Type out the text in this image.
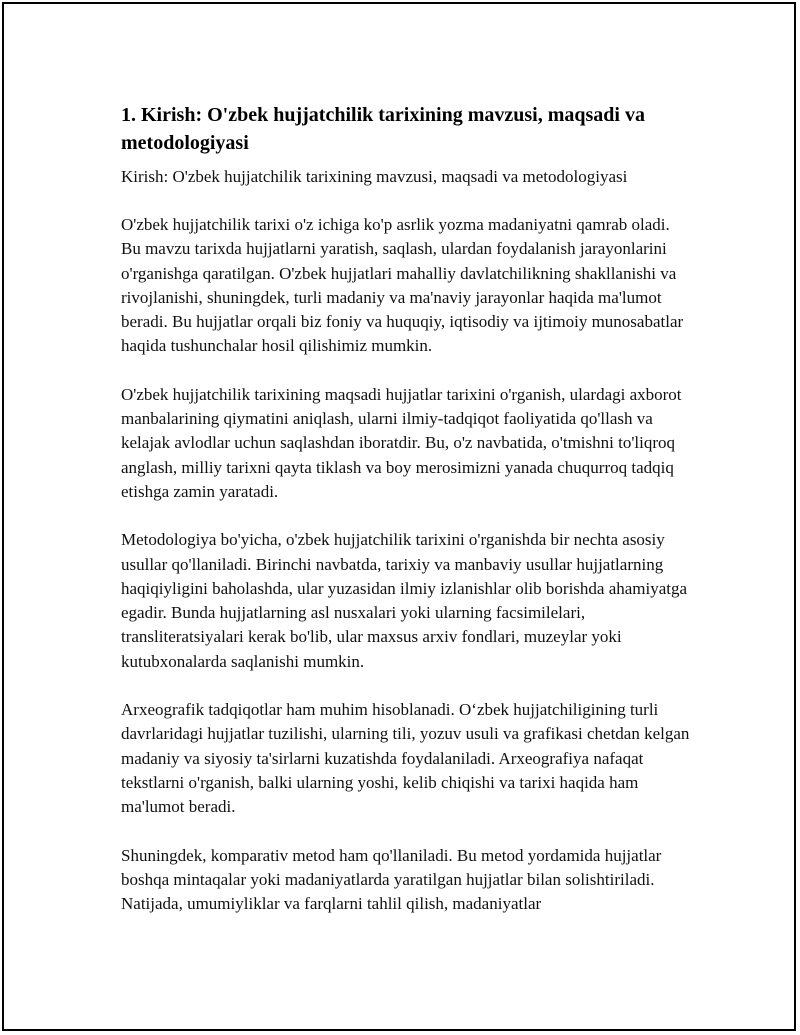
1. Kirish: O'zbek hujjatchilik tarixining mavzusi, maqsadi va metodologiyasi

Kirish: O'zbek hujjatchilik tarixining mavzusi, maqsadi va metodologiyasi

O'zbek hujjatchilik tarixi o'z ichiga ko'p asrlik yozma madaniyatni qamrab oladi. Bu mavzu tarixda hujjatlarni yaratish, saqlash, ulardan foydalanish jarayonlarini o'rganishga qaratilgan. O'zbek hujjatlari mahalliy davlatchilikning shakllanishi va rivojlanishi, shuningdek, turli madaniy va ma'naviy jarayonlar haqida ma'lumot beradi. Bu hujjatlar orqali biz foniy va huquqiy, iqtisodiy va ijtimoiy munosabatlar haqida tushunchalar hosil qilishimiz mumkin.

O'zbek hujjatchilik tarixining maqsadi hujjatlar tarixini o'rganish, ulardagi axborot manbalarining qiymatini aniqlash, ularni ilmiy-tadqiqot faoliyatida qo'llash va kelajak avlodlar uchun saqlashdan iboratdir. Bu, o'z navbatida, o'tmishni to'liqroq anglash, milliy tarixni qayta tiklash va boy merosimizni yanada chuqurroq tadqiq etishga zamin yaratadi.

Metodologiya bo'yicha, o'zbek hujjatchilik tarixini o'rganishda bir nechta asosiy usullar qo'llaniladi. Birinchi navbatda, tarixiy va manbaviy usullar hujjatlarning haqiqiyligini baholashda, ular yuzasidan ilmiy izlanishlar olib borishda ahamiyatga egadir. Bunda hujjatlarning asl nusxalari yoki ularning facsimilelari, transliteratsiyalari kerak bo'lib, ular maxsus arxiv fondlari, muzeylar yoki kutubxonalarda saqlanishi mumkin.

Arxeografik tadqiqotlar ham muhim hisoblanadi. O‘zbek hujjatchiligining turli davrlaridagi hujjatlar tuzilishi, ularning tili, yozuv usuli va grafikasi chetdan kelgan madaniy va siyosiy ta'sirlarni kuzatishda foydalaniladi. Arxeografiya nafaqat tekstlarni o'rganish, balki ularning yoshi, kelib chiqishi va tarixi haqida ham ma'lumot beradi.

Shuningdek, komparativ metod ham qo'llaniladi. Bu metod yordamida hujjatlar boshqa mintaqalar yoki madaniyatlarda yaratilgan hujjatlar bilan solishtiriladi. Natijada, umumiyliklar va farqlarni tahlil qilish, madaniyatlar
